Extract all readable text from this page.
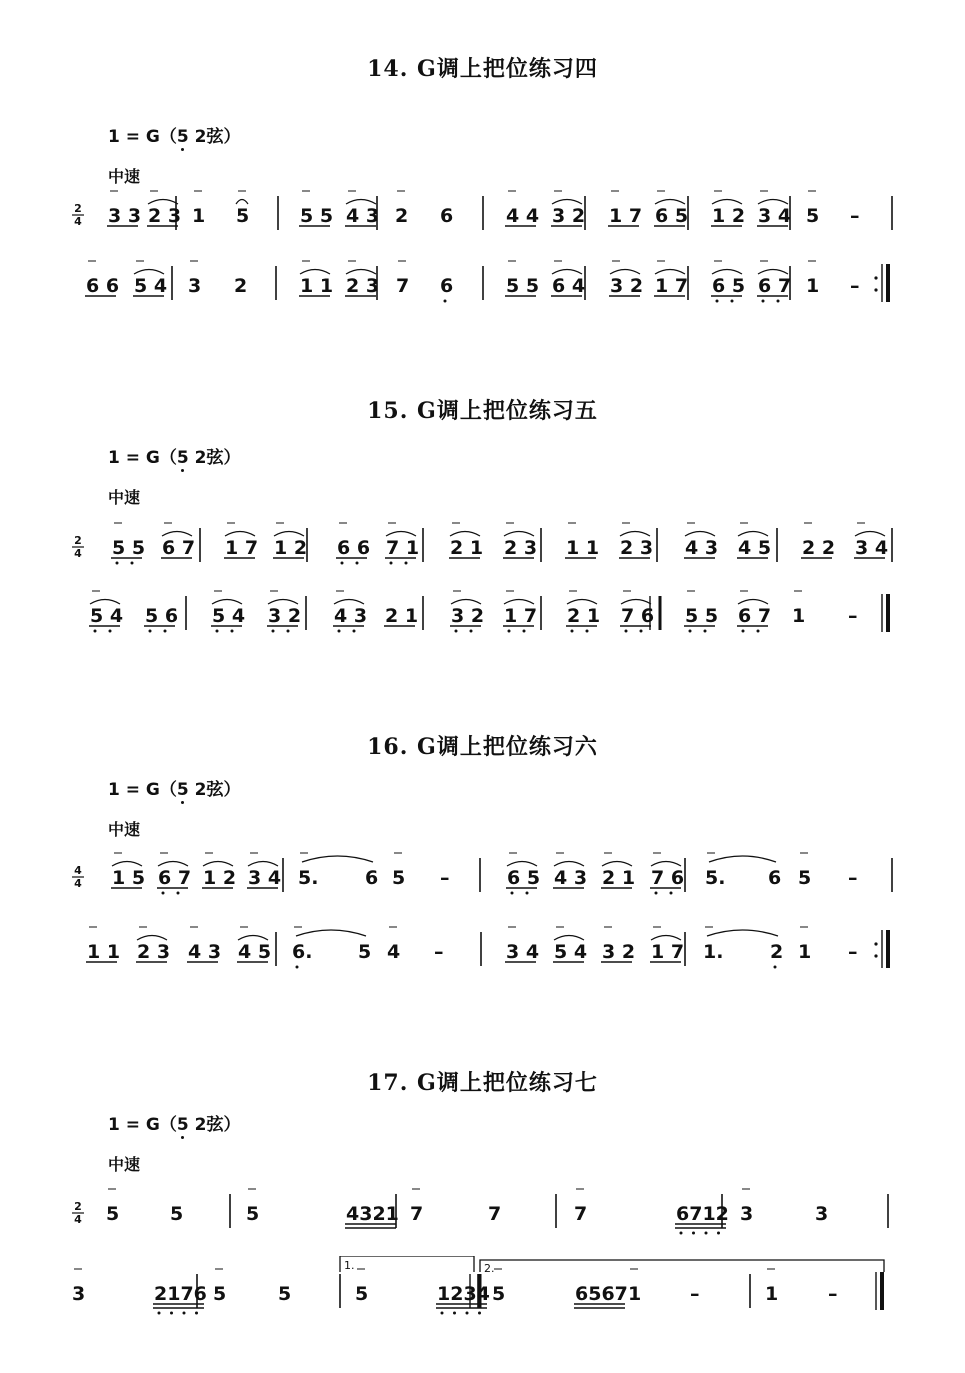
14. G调上把位练习四
1 = G（5 2弦）
中速
2
4 3 3 2 3 1 5	5 5 4 3 2 6	4 4 3 2 1 7 6 5 1 2 3 4 5 –
6 6 5 4 3 2	1 1 2 3 7 6	5 5 6 4 3 2 1 7 6 5 6 7 1 –
15. G调上把位练习五
1 = G（5 2弦）
中速
2
4 5 5 6 7 1 7 1 2 6 6 7 1 2 1 2 3 1 1 2 3 4 3 4 5 2 2 3 4
5 4 5 6 5 4 3 2 4 3 2 1 3 2 1 7 2 1 7 6 5 5 6 7 1 –
16. G调上把位练习六
1 = G（5 2弦）
中速
4
4 1 5 6 7 1 2 3 4 5. 6 5 –	6 5 4 3 2 1 7 6 5. 6 5 –
1 1 2 3 4 3 4 5 6. 5 4 –	3 4 5 4 3 2 1 7 1. 2 1 –
17. G调上把位练习七
1 = G（5 2弦）
中速
2
4 5	5	5	4321 7	7	7	6712 3	3
3	2176 5	5	5	1234 5	6567 1	–	1	–
1.	2.
